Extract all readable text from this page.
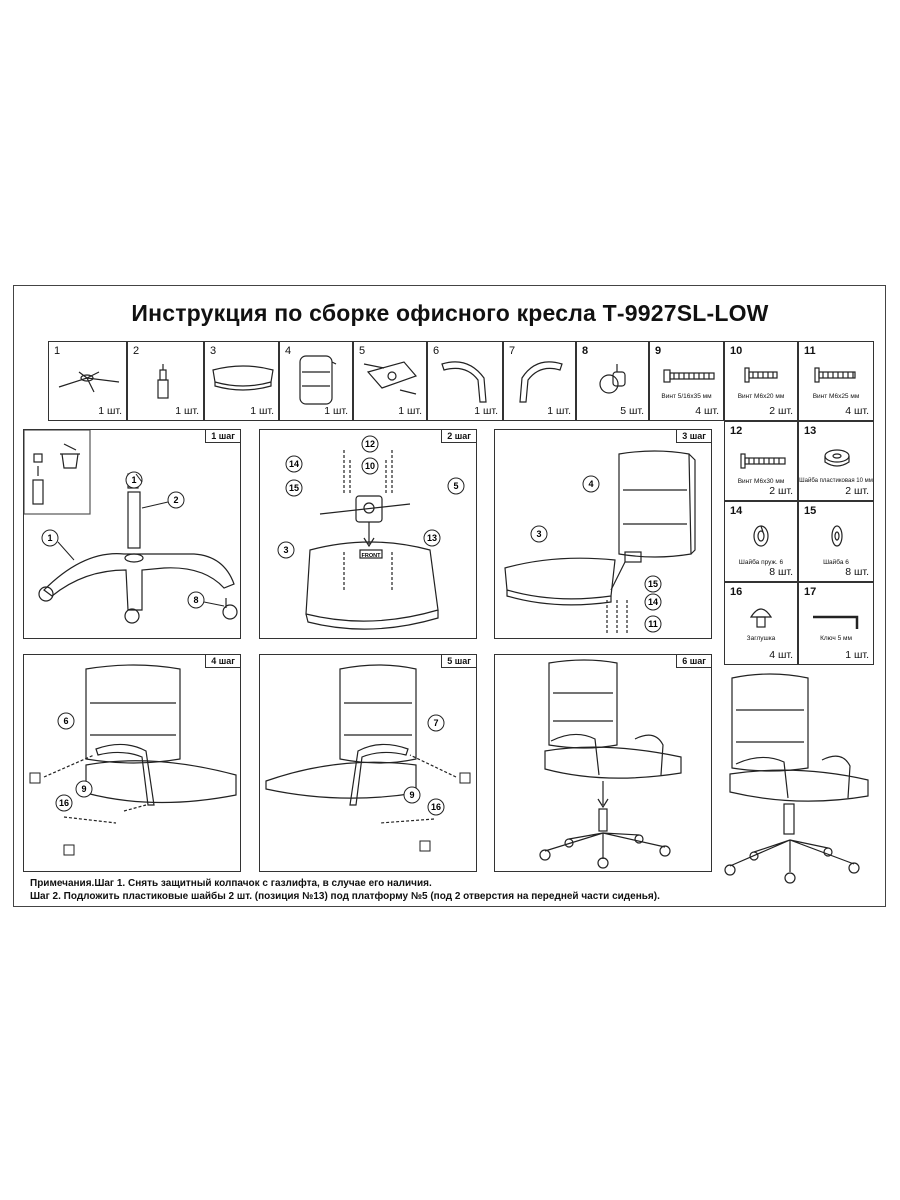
Инструкция по сборке офисного кресла Т-9927SL-LOW
1
1 шт.
2
1 шт.
3
1 шт.
4
1 шт.
5
1 шт.
6
1 шт.
7
1 шт.
8
5 шт.
9
Винт 5/16х35 мм
4 шт.
10
Винт М6х20 мм
2 шт.
11
Винт М6х25 мм
4 шт.
12
Винт М6х30 мм
2 шт.
13
Шайба пластиковая 10 мм
2 шт.
14
Шайба пруж. 6
8 шт.
15
Шайба 6
8 шт.
16
Заглушка
4 шт.
17
Ключ 5 мм
1 шт.
1 шаг
1
2
1
8
2 шаг
12
14	10
15	5
3
13
FRONT
3 шаг
4
3
15
14
11
4 шаг
6
9
16
5 шаг
7
9
16
6 шаг
Примечания.Шаг 1. Снять защитный колпачок с газлифта, в случае его наличия.
Шаг 2. Подложить пластиковые шайбы 2 шт. (позиция №13) под платформу №5 (под 2 отверстия на передней части сиденья).
